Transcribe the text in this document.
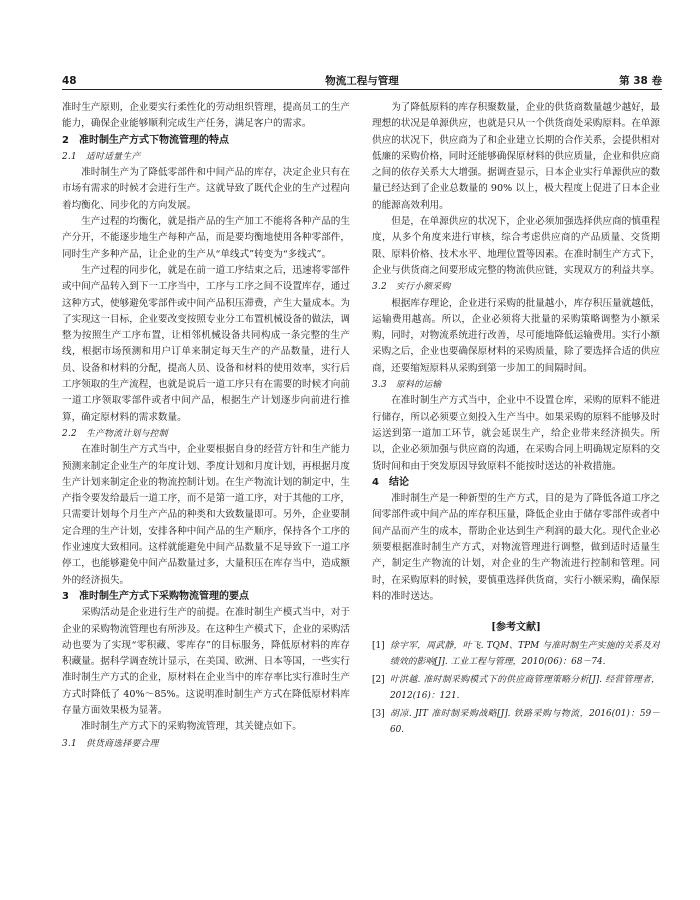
48	物流工程与管理	第 38 卷

准时生产原则，企业要实行柔性化的劳动组织管理，提高员工的生产能力，确保企业能够顺利完成生产任务，满足客户的需求。

2　准时制生产方式下物流管理的特点
2.1　适时适量生产

准时制生产为了降低零部件和中间产品的库存，决定企业只有在市场有需求的时候才会进行生产。这就导致了既代企业的生产过程向着均衡化、同步化的方向发展。

生产过程的均衡化，就是指产品的生产加工不能将各种产品的生产分开，不能逐步地生产每种产品，而是要均衡地使用各种零部件，同时生产多种产品，让企业的生产从“单线式”转变为“多线式”。

生产过程的同步化，就是在前一道工序结束之后，迅速将零部件或中间产品转入到下一工序当中，工序与工序之间不设置库存，通过这种方式，使够避免零部件或中间产品积压滞费，产生大量成本。为了实现这一目标，企业要改变按照专业分工布置机械设备的做法，调整为按照生产工序布置，让相邻机械设备共同构成一条完整的生产线，根据市场预测和用户订单来制定每天生产的产品数量，进行人员、设备和材料的分配，提高人员、设备和材料的使用效率，实行后工序领取的生产流程，也就是说后一道工序只有在需要的时候才向前一道工序领取零部件或者中间产品，根据生产计划逐步向前进行推算，确定原材料的需求数量。

2.2　生产物流计划与控制

在准时制生产方式当中，企业要根据自身的经营方针和生产能力预测来制定企业生产的年度计划、季度计划和月度计划，再根据月度生产计划来制定企业的物流控制计划。在生产物流计划的制定中，生产指令要发给最后一道工序，而不是第一道工序，对于其他的工序，只需要计划每个月生产产品的种类和大致数量即可。另外，企业要制定合理的生产计划，安排各种中间产品的生产顺序，保持各个工序的作业速度大致相同。这样就能避免中间产品数量不足导致下一道工序停工，也能够避免中间产品数量过多，大量积压在库存当中，造成额外的经济损失。

3　准时制生产方式下采购物流管理的要点

采购活动是企业进行生产的前提。在准时制生产模式当中，对于企业的采购物流管理也有所涉及。在这种生产模式下，企业的采购活动也要为了实现“零积藏、零库存”的目标服务，降低原材料的库存积藏量。据科学调查统计显示，在美国、欧洲、日本等国，一些实行准时制生产方式的企业，原材料在企业当中的库存率比实行准时生产方式时降低了 40%～85%。这说明准时制生产方式在降低原材料库存量方面效果极为显著。

准时制生产方式下的采购物流管理，其关键点如下。

3.1　供货商选择要合理

为了降低原料的库存积聚数量，企业的供货商数量越少越好，最理想的状况是单源供应，也就是只从一个供货商处采购原料。在单源供应的状况下，供应商为了和企业建立长期的合作关系，会提供相对低廉的采购价格，同时还能够确保原材料的供应质量，企业和供应商之间的依存关系大大增强。据调查显示，日本企业实行单源供应的数量已经达到了企业总数量的 90% 以上，极大程度上促进了日本企业的能源高效利用。

但是，在单源供应的状况下，企业必须加强选择供应商的慎重程度，从多个角度来进行审核，综合考虑供应商的产品质量、交货期限、原料价格、技术水平、地理位置等因素。在准时制生产方式下，企业与供货商之间要形成完整的物流供应链，实现双方的利益共享。

3.2　实行小额采购

根据库存理论，企业进行采购的批量越小，库存积压量就越低，运输费用越高。所以，企业必须将大批量的采购策略调整为小额采购，同时，对物流系统进行改善，尽可能地降低运输费用。实行小额采购之后，企业也要确保原材料的采购质量，除了要选择合适的供应商，还要缩短原料从采购到第一步加工的间隔时间。

3.3　原料的运输

在准时制生产方式当中，企业中不设置仓库，采购的原料不能进行储存，所以必须要立刻投入生产当中。如果采购的原料不能够及时运送到第一道加工环节，就会延误生产，给企业带来经济损失。所以，企业必须加强与供应商的沟通，在采购合同上明确规定原料的交货时间和由于突发原因导致原料不能按时送达的补救措施。

4　结论

准时制生产是一种新型的生产方式，目的是为了降低各道工序之间零部件或中间产品的库存积压量，降低企业由于储存零部件或者中间产品而产生的成本，帮助企业达到生产利润的最大化。现代企业必须要根据准时制生产方式，对物流管理进行调整，做到适时适量生产，制定生产物流的计划，对企业的生产物流进行控制和管理。同时，在采购原料的时候，要慎重选择供货商，实行小额采购，确保原料的准时送达。

[参考文献]
[1] 徐宇军，周武静，叶飞. TQM、TPM 与准时制生产实施的关系及对绩效的影响[J]. 工业工程与管理，2010(06)：68－74.
[2] 叶洪越. 准时制采购模式下的供应商管理策略分析[J]. 经营管理者，2012(16)：121.
[3] 胡凉. JIT 准时制采购战略[J]. 铁路采购与物流，2016(01)：59－60.
